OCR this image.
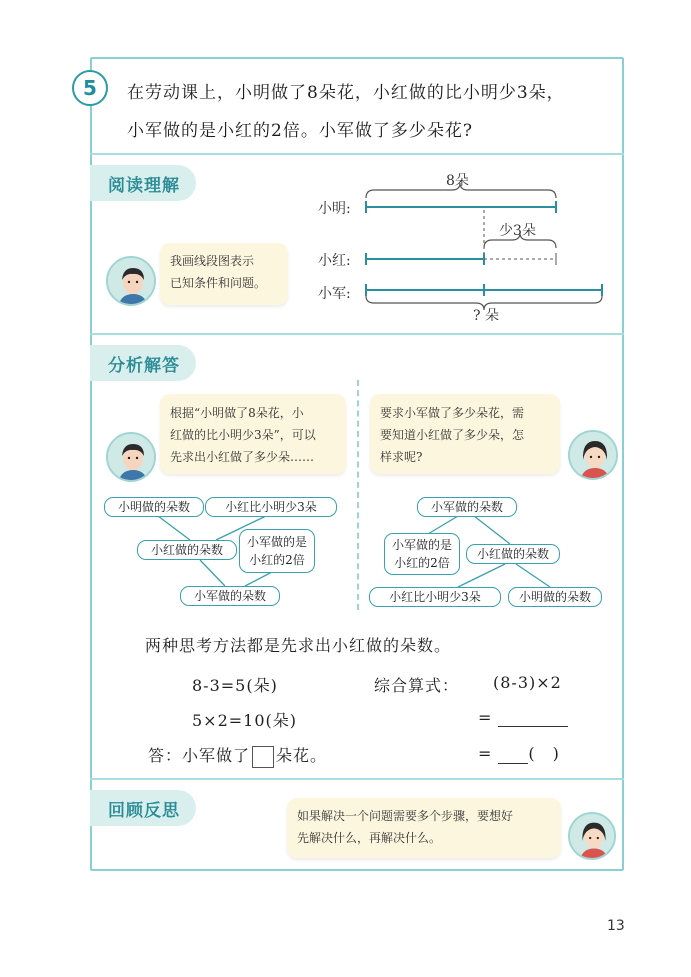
5	在劳动课上，小明做了8朵花，小红做的比小明少3朵，
小军做的是小红的2倍。小军做了多少朵花?
阅读理解
我画线段图表示
已知条件和问题。
8朵
小明:
小红:
小军:
少3朵
? 朵
分析解答
根据“小明做了8朵花，小
红做的比小明少3朵”，可以
先求出小红做了多少朵……
要求小军做了多少朵花，需
要知道小红做了多少朵，怎
样求呢?
小明做的朵数	小红比小明少3朵
小红做的朵数
小军做的是
小红的2倍
小军做的朵数
小军做的朵数
小军做的是
小红的2倍
小红做的朵数
小红比小明少3朵	小明做的朵数
两种思考方法都是先求出小红做的朵数。
8-3=5(朵)
5×2=10(朵)
答：小军做了 朵花。
综合算式： (8-3)×2
=
= (　)
回顾反思	如果解决一个问题需要多个步骤，要想好
先解决什么，再解决什么。
13
